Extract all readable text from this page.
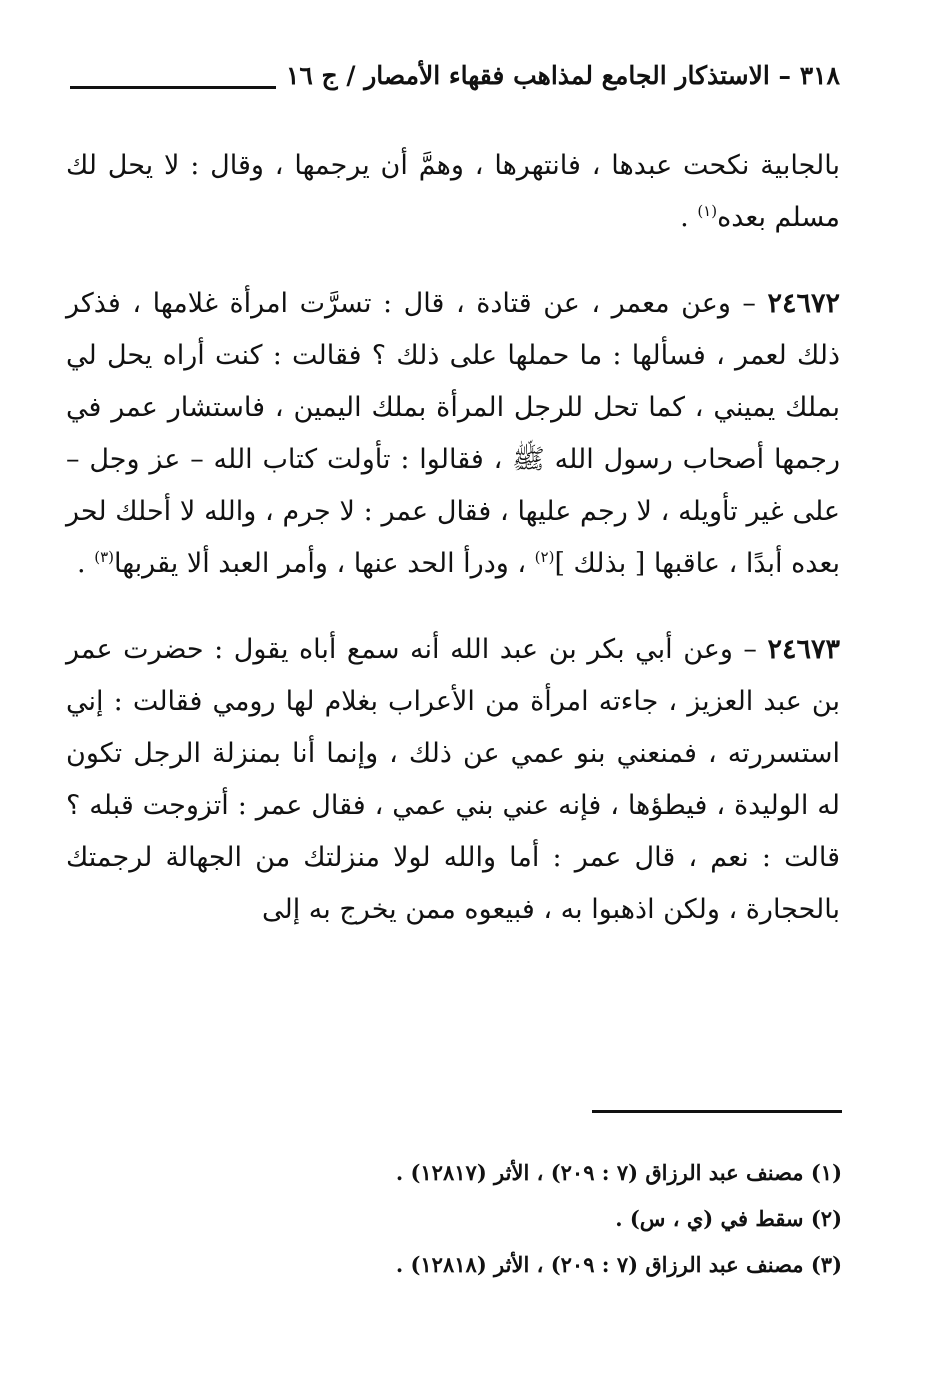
٣١٨ – الاستذكار الجامع لمذاهب فقهاء الأمصار / ج ١٦

بالجابية نكحت عبدها ، فانتهرها ، وهمَّ أن يرجمها ، وقال : لا يحل لك مسلم بعده$^{(١)}$ .

٢٤٦٧٢ – وعن معمر ، عن قتادة ، قال : تسرَّت امرأة غلامها ، فذكر ذلك لعمر ، فسألها : ما حملها على ذلك ؟ فقالت : كنت أراه يحل لي بملك يميني ، كما تحل للرجل المرأة بملك اليمين ، فاستشار عمر في رجمها أصحاب رسول الله ﷺ ، فقالوا : تأولت كتاب الله – عز وجل – على غير تأويله ، لا رجم عليها ، فقال عمر : لا جرم ، والله لا أحلك لحر بعده أبدًا ، عاقبها [ بذلك ]$^{(٢)}$ ، ودرأ الحد عنها ، وأمر العبد ألا يقربها$^{(٣)}$ .

٢٤٦٧٣ – وعن أبي بكر بن عبد الله أنه سمع أباه يقول : حضرت عمر بن عبد العزيز ، جاءته امرأة من الأعراب بغلام لها رومي فقالت : إني استسررته ، فمنعني بنو عمي عن ذلك ، وإنما أنا بمنزلة الرجل تكون له الوليدة ، فيطؤها ، فإنه عني بني عمي ، فقال عمر : أتزوجت قبله ؟ قالت : نعم ، قال عمر : أما والله لولا منزلتك من الجهالة لرجمتك بالحجارة ، ولكن اذهبوا به ، فبيعوه ممن يخرج به إلى

(١) مصنف عبد الرزاق (٧ : ٢٠٩) ، الأثر (١٢٨١٧) .

(٢) سقط في (ي ، س) .

(٣) مصنف عبد الرزاق (٧ : ٢٠٩) ، الأثر (١٢٨١٨) .
